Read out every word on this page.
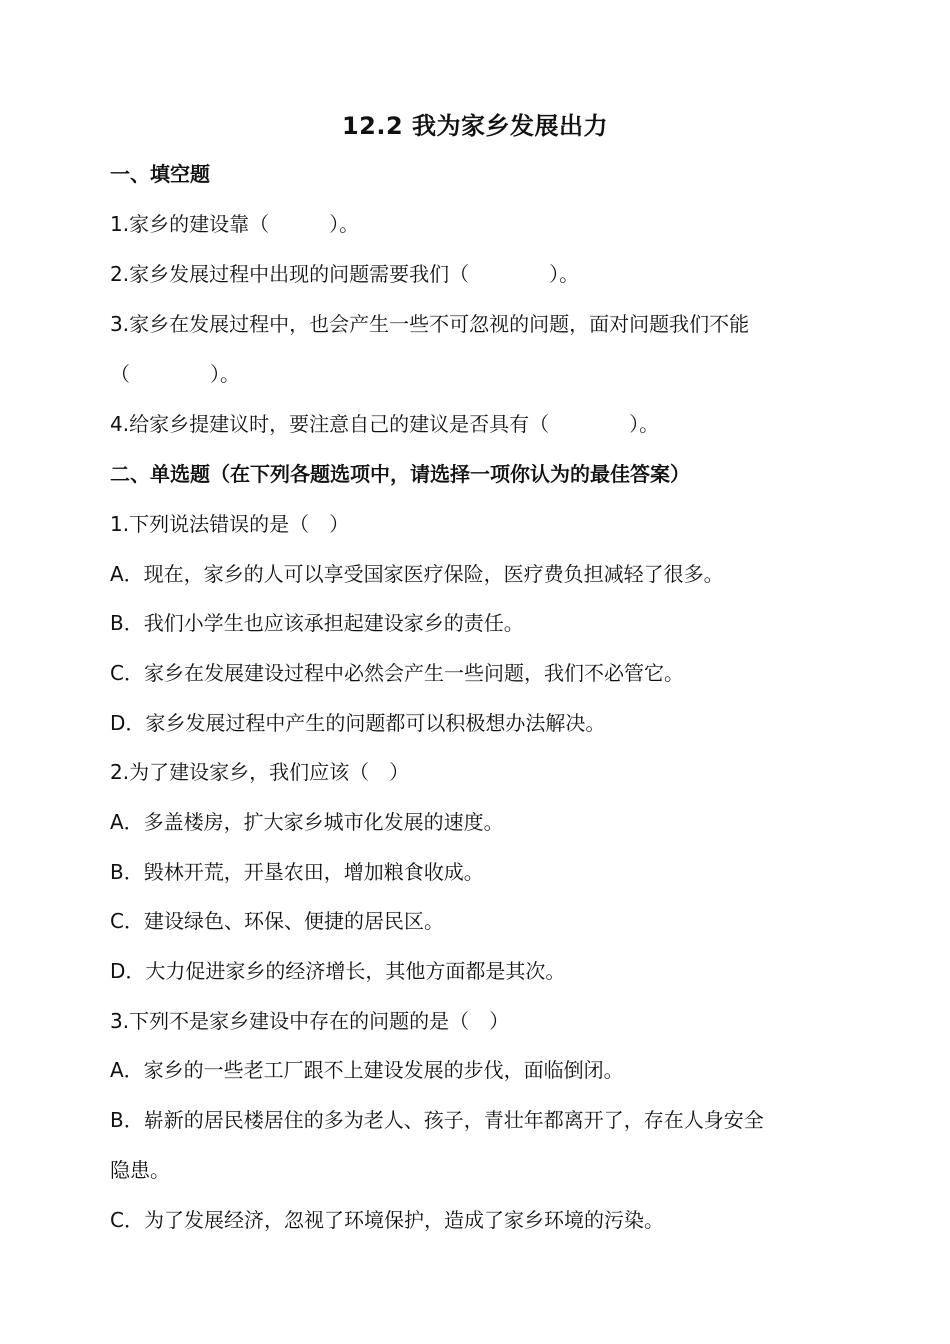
12.2 我为家乡发展出力
一、填空题
1.家乡的建设靠（　　　）。
2.家乡发展过程中出现的问题需要我们（　　　　）。
3.家乡在发展过程中，也会产生一些不可忽视的问题，面对问题我们不能
（　　　　）。
4.给家乡提建议时，要注意自己的建议是否具有（　　　　）。
二、单选题（在下列各题选项中，请选择一项你认为的最佳答案）
1.下列说法错误的是（　）
A．现在，家乡的人可以享受国家医疗保险，医疗费负担减轻了很多。
B．我们小学生也应该承担起建设家乡的责任。
C．家乡在发展建设过程中必然会产生一些问题，我们不必管它。
D．家乡发展过程中产生的问题都可以积极想办法解决。
2.为了建设家乡，我们应该（　）
A．多盖楼房，扩大家乡城市化发展的速度。
B．毁林开荒，开垦农田，增加粮食收成。
C．建设绿色、环保、便捷的居民区。
D．大力促进家乡的经济增长，其他方面都是其次。
3.下列不是家乡建设中存在的问题的是（　）
A．家乡的一些老工厂跟不上建设发展的步伐，面临倒闭。
B．崭新的居民楼居住的多为老人、孩子，青壮年都离开了，存在人身安全
隐患。
C．为了发展经济，忽视了环境保护，造成了家乡环境的污染。
